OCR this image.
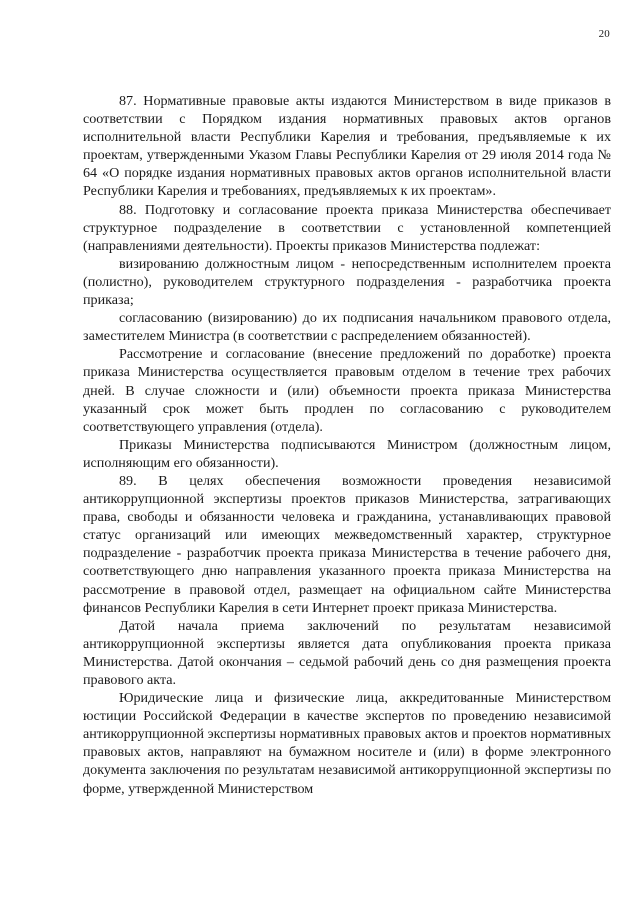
20

87. Нормативные правовые акты издаются Министерством в виде приказов в соответствии с Порядком издания нормативных правовых актов органов исполнительной власти Республики Карелия и требования, предъявляемые к их проектам, утвержденными Указом Главы Республики Карелия от 29 июля 2014 года № 64 «О порядке издания нормативных правовых актов органов исполнительной власти Республики Карелия и требованиях, предъявляемых к их проектам».

88. Подготовку и согласование проекта приказа Министерства обеспечивает структурное подразделение в соответствии с установленной компетенцией (направлениями деятельности). Проекты приказов Министерства подлежат:

визированию должностным лицом - непосредственным исполнителем проекта (полистно), руководителем структурного подразделения - разработчика проекта приказа;

согласованию (визированию) до их подписания начальником правового отдела, заместителем Министра (в соответствии с распределением обязанностей).

Рассмотрение и согласование (внесение предложений по доработке) проекта приказа Министерства осуществляется правовым отделом в течение трех рабочих дней. В случае сложности и (или) объемности проекта приказа Министерства указанный срок может быть продлен по согласованию с руководителем соответствующего управления (отдела).

Приказы Министерства подписываются Министром (должностным лицом, исполняющим его обязанности).

89. В целях обеспечения возможности проведения независимой антикоррупционной экспертизы проектов приказов Министерства, затрагивающих права, свободы и обязанности человека и гражданина, устанавливающих правовой статус организаций или имеющих межведомственный характер, структурное подразделение - разработчик проекта приказа Министерства в течение рабочего дня, соответствующего дню направления указанного проекта приказа Министерства на рассмотрение в правовой отдел, размещает на официальном сайте Министерства финансов Республики Карелия в сети Интернет проект приказа Министерства.

Датой начала приема заключений по результатам независимой антикоррупционной экспертизы является дата опубликования проекта приказа Министерства. Датой окончания – седьмой рабочий день со дня размещения проекта правового акта.

Юридические лица и физические лица, аккредитованные Министерством юстиции Российской Федерации в качестве экспертов по проведению независимой антикоррупционной экспертизы нормативных правовых актов и проектов нормативных правовых актов, направляют на бумажном носителе и (или) в форме электронного документа заключения по результатам независимой антикоррупционной экспертизы по форме, утвержденной Министерством
